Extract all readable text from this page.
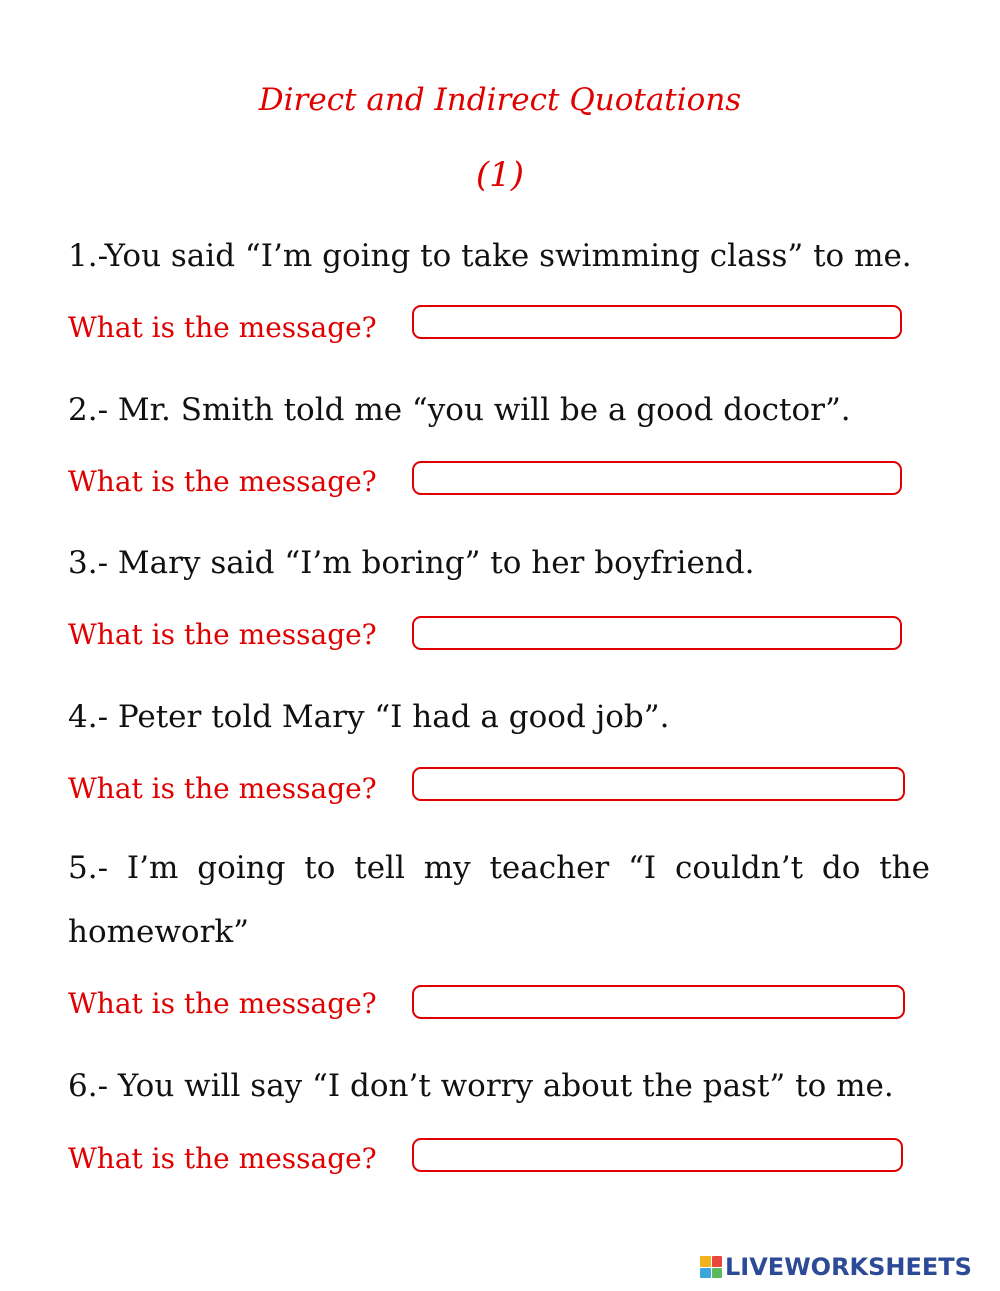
Direct and Indirect Quotations
(1)
1.-You said “I’m going to take swimming class” to me.
What is the message?
2.- Mr. Smith told me “you will be a good doctor”.
What is the message?
3.- Mary said “I’m boring” to her boyfriend.
What is the message?
4.- Peter told Mary “I had a good job”.
What is the message?
5.- I’m going to tell my teacher “I couldn’t do the homework”
What is the message?
6.- You will say “I don’t worry about the past” to me.
What is the message?
LIVEWORKSHEETS
